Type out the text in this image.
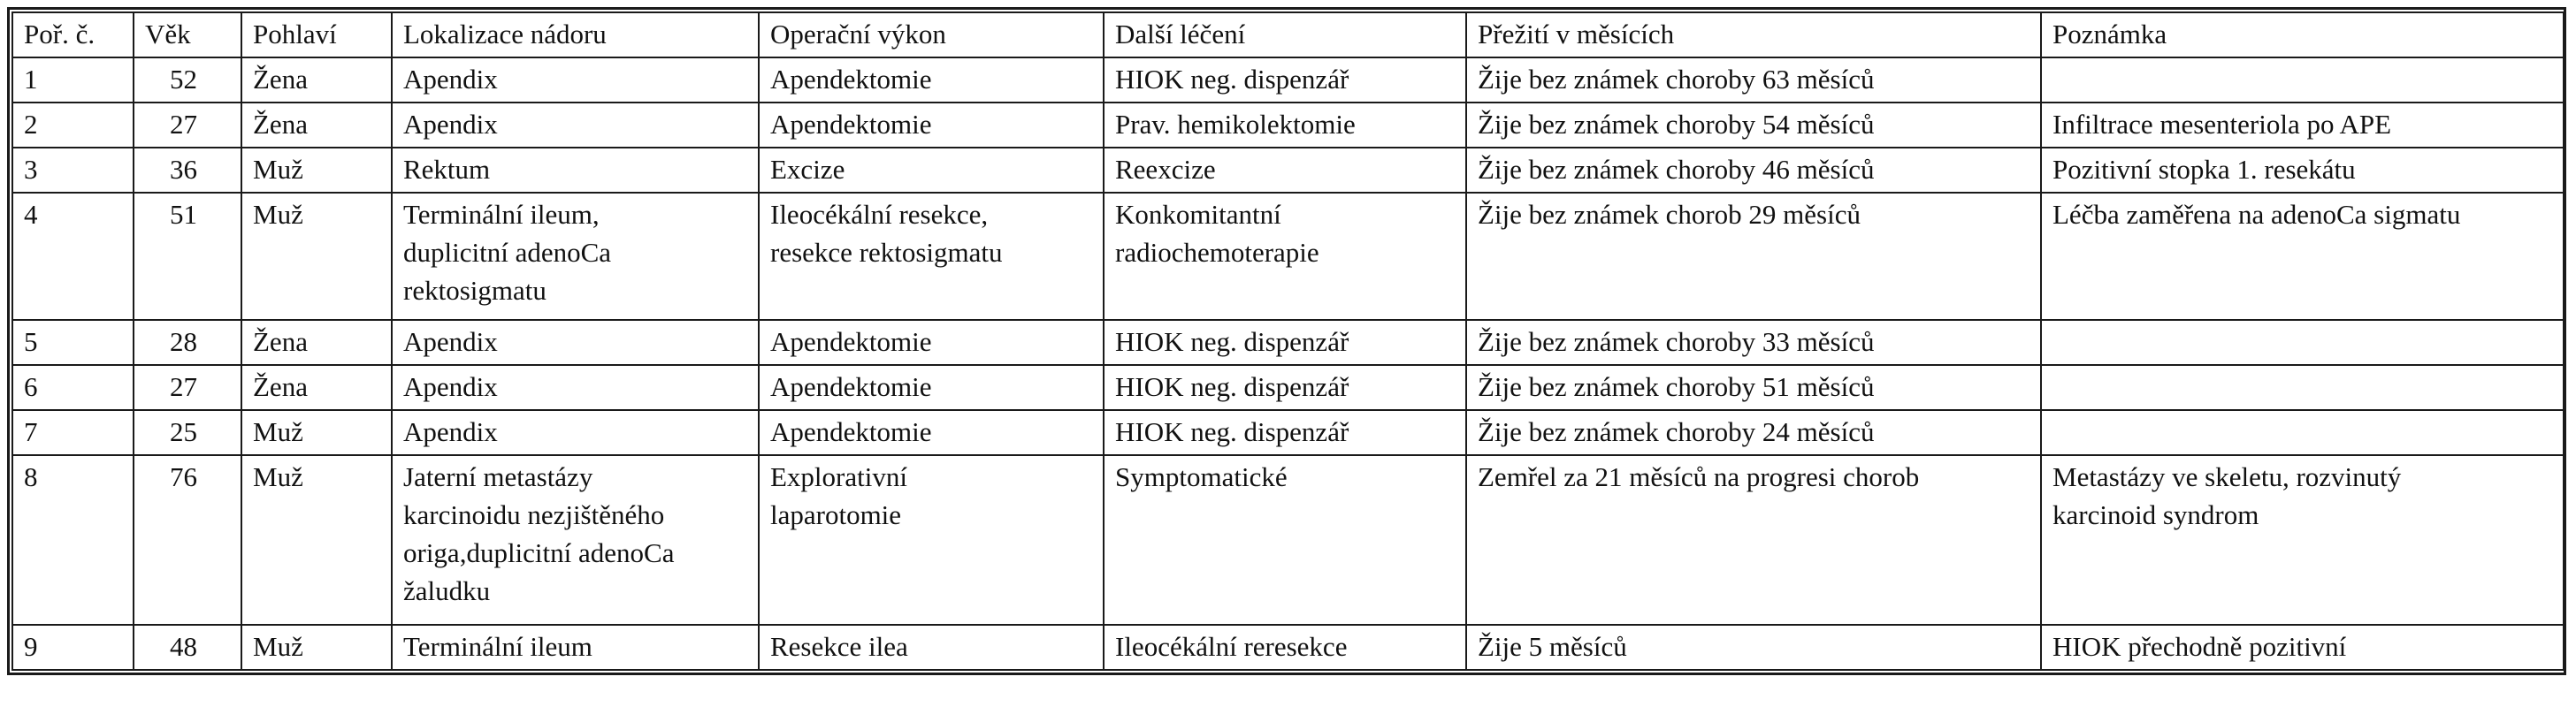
Poř. č.	Věk	Pohlaví	Lokalizace nádoru	Operační výkon	Další léčení	Přežití v měsících	Poznámka
1	52	Žena	Apendix	Apendektomie	HIOK neg. dispenzář	Žije bez známek choroby 63 měsíců	
2	27	Žena	Apendix	Apendektomie	Prav. hemikolektomie	Žije bez známek choroby 54 měsíců	Infiltrace mesenteriola po APE
3	36	Muž	Rektum	Excize	Reexcize	Žije bez známek choroby 46 měsíců	Pozitivní stopka 1. resekátu
4	51	Muž	Terminální ileum,
duplicitní adenoCa
rektosigmatu	Ileocékální resekce,
resekce rektosigmatu	Konkomitantní
radiochemoterapie	Žije bez známek chorob 29 měsíců	Léčba zaměřena na adenoCa sigmatu
5	28	Žena	Apendix	Apendektomie	HIOK neg. dispenzář	Žije bez známek choroby 33 měsíců	
6	27	Žena	Apendix	Apendektomie	HIOK neg. dispenzář	Žije bez známek choroby 51 měsíců	
7	25	Muž	Apendix	Apendektomie	HIOK neg. dispenzář	Žije bez známek choroby 24 měsíců	
8	76	Muž	Jaterní metastázy
karcinoidu nezjištěného
origa,duplicitní adenoCa
žaludku	Explorativní
laparotomie	Symptomatické	Zemřel za 21 měsíců na progresi chorob	Metastázy ve skeletu, rozvinutý
karcinoid syndrom
9	48	Muž	Terminální ileum	Resekce ilea	Ileocékální reresekce	Žije 5 měsíců	HIOK přechodně pozitivní
